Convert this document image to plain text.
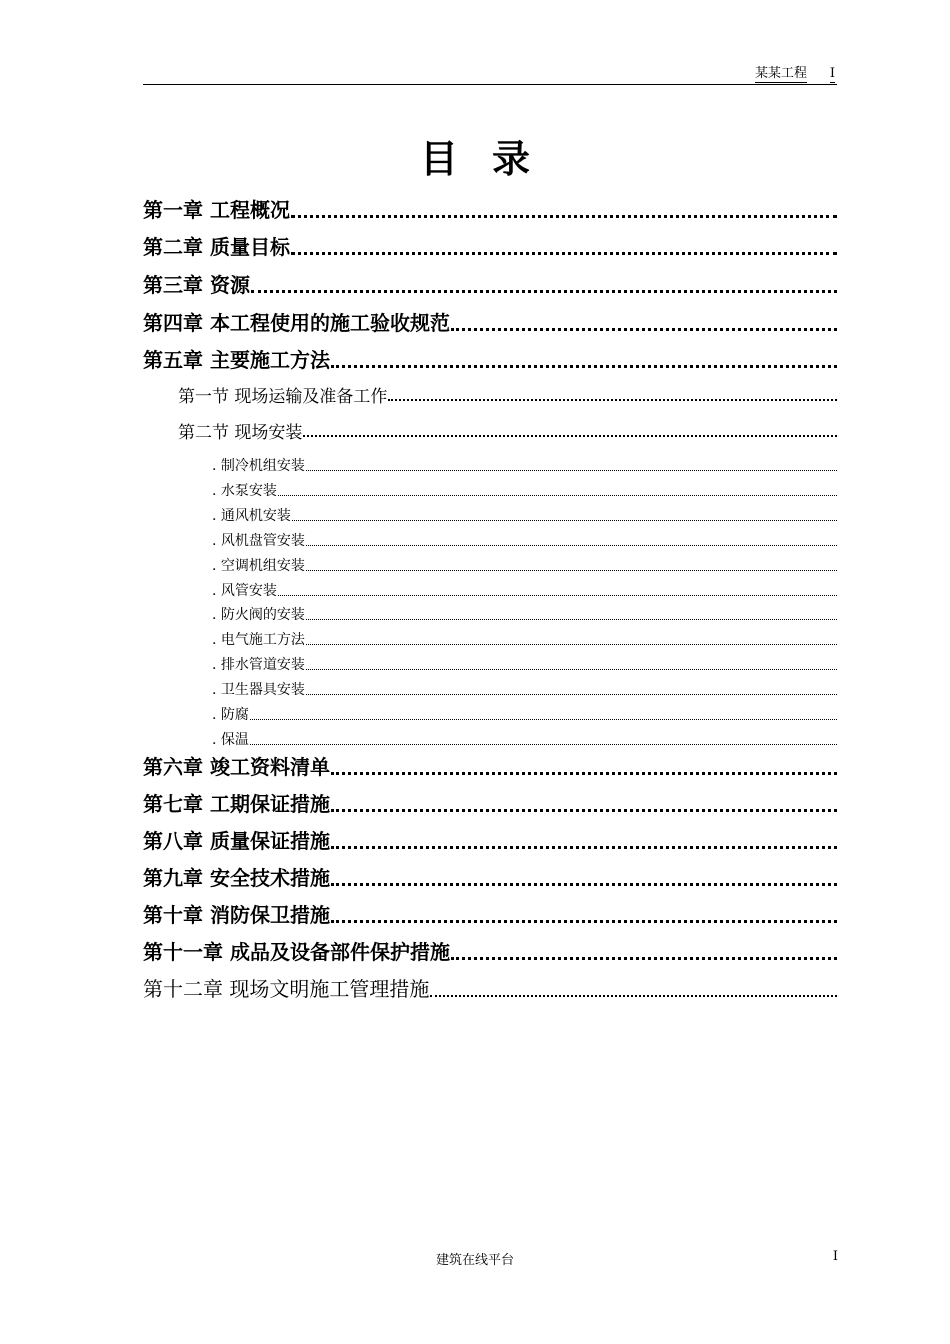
某某工程 I
目录
第一章 工程概况
第二章 质量目标
第三章 资源
第四章 本工程使用的施工验收规范
第五章 主要施工方法
第一节 现场运输及准备工作
第二节 现场安装
. 制冷机组安装
. 水泵安装
. 通风机安装
. 风机盘管安装
. 空调机组安装
. 风管安装
. 防火阀的安装
. 电气施工方法
. 排水管道安装
. 卫生器具安装
. 防腐
. 保温
第六章 竣工资料清单
第七章 工期保证措施
第八章 质量保证措施
第九章 安全技术措施
第十章 消防保卫措施
第十一章 成品及设备部件保护措施
第十二章 现场文明施工管理措施
建筑在线平台	I
